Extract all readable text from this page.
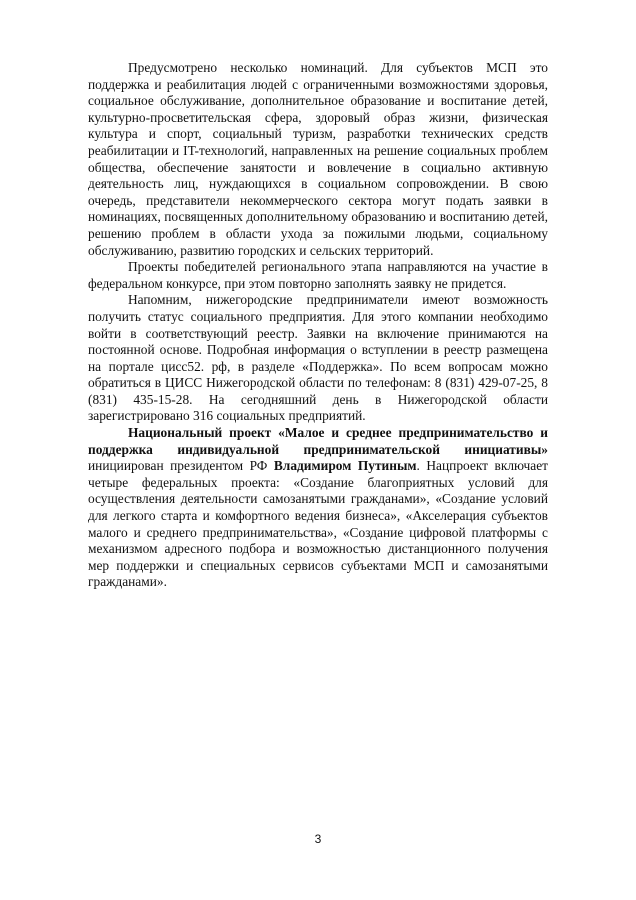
Предусмотрено несколько номинаций. Для субъектов МСП это поддержка и реабилитация людей с ограниченными возможностями здоровья, социальное обслуживание, дополнительное образование и воспитание детей, культурно-просветительская сфера, здоровый образ жизни, физическая культура и спорт, социальный туризм, разработки технических средств реабилитации и IT-технологий, направленных на решение социальных проблем общества, обеспечение занятости и вовлечение в социально активную деятельность лиц, нуждающихся в социальном сопровождении. В свою очередь, представители некоммерческого сектора могут подать заявки в номинациях, посвященных дополнительному образованию и воспитанию детей, решению проблем в области ухода за пожилыми людьми, социальному обслуживанию, развитию городских и сельских территорий.

Проекты победителей регионального этапа направляются на участие в федеральном конкурсе, при этом повторно заполнять заявку не придется.

Напомним, нижегородские предприниматели имеют возможность получить статус социального предприятия. Для этого компании необходимо войти в соответствующий реестр. Заявки на включение принимаются на постоянной основе. Подробная информация о вступлении в реестр размещена на портале цисс52. рф, в разделе «Поддержка». По всем вопросам можно обратиться в ЦИСС Нижегородской области по телефонам: 8 (831) 429-07-25, 8 (831) 435-15-28. На сегодняшний день в Нижегородской области зарегистрировано 316 социальных предприятий.

Национальный проект «Малое и среднее предпринимательство и поддержка индивидуальной предпринимательской инициативы» инициирован президентом РФ Владимиром Путиным. Нацпроект включает четыре федеральных проекта: «Создание благоприятных условий для осуществления деятельности самозанятыми гражданами», «Создание условий для легкого старта и комфортного ведения бизнеса», «Акселерация субъектов малого и среднего предпринимательства», «Создание цифровой платформы с механизмом адресного подбора и возможностью дистанционного получения мер поддержки и специальных сервисов субъектами МСП и самозанятыми гражданами».

3
